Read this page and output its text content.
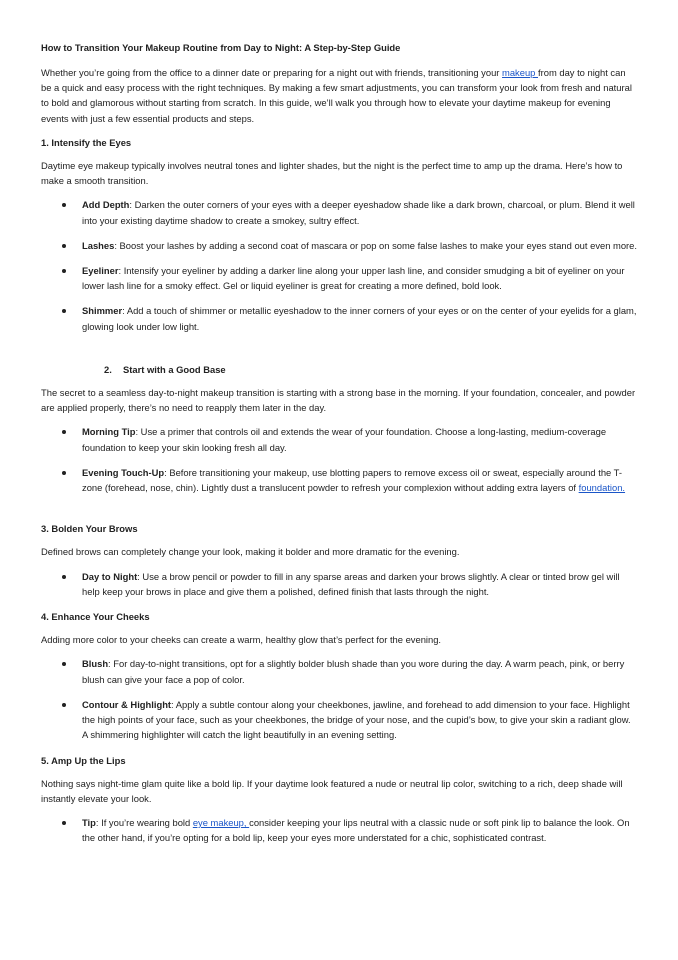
How to Transition Your Makeup Routine from Day to Night: A Step-by-Step Guide

Whether you’re going from the office to a dinner date or preparing for a night out with friends, transitioning your makeup from day to night can be a quick and easy process with the right techniques. By making a few smart adjustments, you can transform your look from fresh and natural to bold and glamorous without starting from scratch. In this guide, we’ll walk you through how to elevate your daytime makeup for evening events with just a few essential products and steps.

1. Intensify the Eyes

Daytime eye makeup typically involves neutral tones and lighter shades, but the night is the perfect time to amp up the drama. Here’s how to make a smooth transition.

Add Depth: Darken the outer corners of your eyes with a deeper eyeshadow shade like a dark brown, charcoal, or plum. Blend it well into your existing daytime shadow to create a smokey, sultry effect.
Lashes: Boost your lashes by adding a second coat of mascara or pop on some false lashes to make your eyes stand out even more.
Eyeliner: Intensify your eyeliner by adding a darker line along your upper lash line, and consider smudging a bit of eyeliner on your lower lash line for a smoky effect. Gel or liquid eyeliner is great for creating a more defined, bold look.
Shimmer: Add a touch of shimmer or metallic eyeshadow to the inner corners of your eyes or on the center of your eyelids for a glam, glowing look under low light.
2. Start with a Good Base

The secret to a seamless day-to-night makeup transition is starting with a strong base in the morning. If your foundation, concealer, and powder are applied properly, there’s no need to reapply them later in the day.

Morning Tip: Use a primer that controls oil and extends the wear of your foundation. Choose a long-lasting, medium-coverage foundation to keep your skin looking fresh all day.
Evening Touch-Up: Before transitioning your makeup, use blotting papers to remove excess oil or sweat, especially around the T-zone (forehead, nose, chin). Lightly dust a translucent powder to refresh your complexion without adding extra layers of foundation.
3. Bolden Your Brows

Defined brows can completely change your look, making it bolder and more dramatic for the evening.

Day to Night: Use a brow pencil or powder to fill in any sparse areas and darken your brows slightly. A clear or tinted brow gel will help keep your brows in place and give them a polished, defined finish that lasts through the night.
4. Enhance Your Cheeks

Adding more color to your cheeks can create a warm, healthy glow that’s perfect for the evening.

Blush: For day-to-night transitions, opt for a slightly bolder blush shade than you wore during the day. A warm peach, pink, or berry blush can give your face a pop of color.
Contour & Highlight: Apply a subtle contour along your cheekbones, jawline, and forehead to add dimension to your face. Highlight the high points of your face, such as your cheekbones, the bridge of your nose, and the cupid’s bow, to give your skin a radiant glow. A shimmering highlighter will catch the light beautifully in an evening setting.
5. Amp Up the Lips

Nothing says night-time glam quite like a bold lip. If your daytime look featured a nude or neutral lip color, switching to a rich, deep shade will instantly elevate your look.

Tip: If you’re wearing bold eye makeup, consider keeping your lips neutral with a classic nude or soft pink lip to balance the look. On the other hand, if you’re opting for a bold lip, keep your eyes more understated for a chic, sophisticated contrast.
